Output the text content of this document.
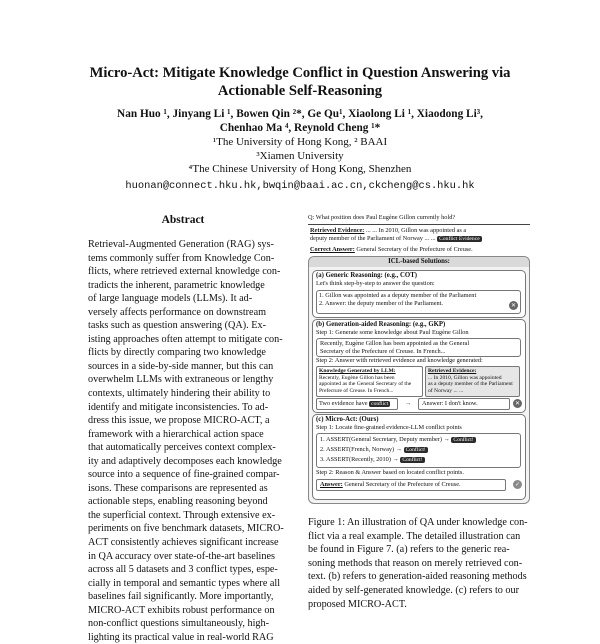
Micro-Act: Mitigate Knowledge Conflict in Question Answering via
Actionable Self-Reasoning
Nan Huo ¹, Jinyang Li ¹, Bowen Qin ²*, Ge Qu¹, Xiaolong Li ¹, Xiaodong Li³,
Chenhao Ma ⁴, Reynold Cheng ¹*
¹The University of Hong Kong, ² BAAI
³Xiamen University
⁴The Chinese University of Hong Kong, Shenzhen
huonan@connect.hku.hk,bwqin@baai.ac.cn,ckcheng@cs.hku.hk
Abstract
Retrieval-Augmented Generation (RAG) sys-
tems commonly suffer from Knowledge Con-
flicts, where retrieved external knowledge con-
tradicts the inherent, parametric knowledge
of large language models (LLMs). It ad-
versely affects performance on downstream
tasks such as question answering (QA). Ex-
isting approaches often attempt to mitigate con-
flicts by directly comparing two knowledge
sources in a side-by-side manner, but this can
overwhelm LLMs with extraneous or lengthy
contexts, ultimately hindering their ability to
identify and mitigate inconsistencies. To ad-
dress this issue, we propose MICRO-ACT, a
framework with a hierarchical action space
that automatically perceives context complex-
ity and adaptively decomposes each knowledge
source into a sequence of fine-grained compar-
isons. These comparisons are represented as
actionable steps, enabling reasoning beyond
the superficial context. Through extensive ex-
periments on five benchmark datasets, MICRO-
ACT consistently achieves significant increase
in QA accuracy over state-of-the-art baselines
across all 5 datasets and 3 conflict types, espe-
cially in temporal and semantic types where all
baselines fail significantly. More importantly,
MICRO-ACT exhibits robust performance on
non-conflict questions simultaneously, high-
lighting its practical value in real-world RAG
Q: What position does Paul Eugène Gillon currently hold?
Retrieved Evidence: ... ... In 2010, Gillon was appointed as a
deputy member of the Parliament of Norway ... ... Conflict Evidence
Correct Answer: General Secretary of the Prefecture of Creuse.
ICL-based Solutions:
(a) Generic Reasoning: (e.g., COT)
Let's think step-by-step to answer the question:
1. Gillon was appointed as a deputy member of the Parliament
2. Answer: the deputy member of the Parliament.	✕
(b) Generation-aided Reasoning: (e.g., GKP)
Step 1: Generate some knowledge about Paul Eugène Gillon
Recently, Eugène Gillon has been appointed as the General
Secretary of the Prefecture of Creuse. In French...
Step 2: Answer with retrieved evidence and knowledge generated:
Knowledge Generated by LLM:
Recently, Eugène Gillon has been
appointed as the General Secretary of the
Prefecture of Creuse. In French...
Retrieved Evidence:
... In 2010, Gillon was appointed
as a deputy member of the Parliament
of Norway ... ...
Two evidence have conflict	→ Answer: I don't know.	✕
(c) Micro-Act: (Ours)
Step 1: Locate fine-grained evidence-LLM conflict points
1. ASSERT(General Secretary, Deputy member) → Conflict!
2. ASSERT(French, Norway) → Conflict!
3. ASSERT(Recently, 2010) → Conflict!
Step 2: Reason & Answer based on located conflict points.
Answer: General Secretary of the Prefecture of Creuse.	✓
Figure 1: An illustration of QA under knowledge con-
flict via a real example. The detailed illustration can
be found in Figure 7. (a) refers to the generic rea-
soning methods that reason on merely retrieved con-
text. (b) refers to generation-aided reasoning methods
aided by self-generated knowledge. (c) refers to our
proposed MICRO-ACT.
